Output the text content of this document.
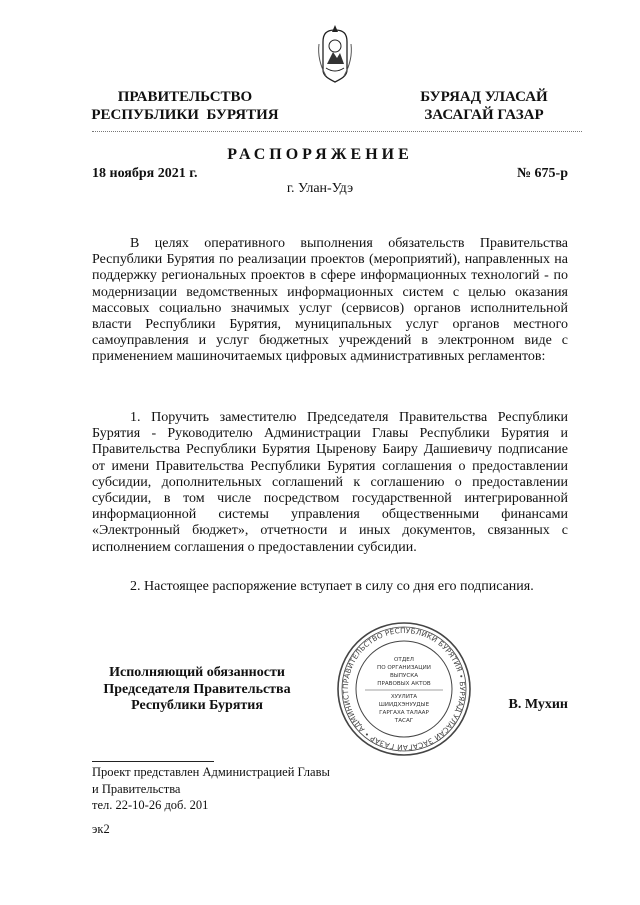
ПРАВИТЕЛЬСТВО
РЕСПУБЛИКИ  БУРЯТИЯ
БУРЯАД УЛАСАЙ
ЗАСАГАЙ ГАЗАР
РАСПОРЯЖЕНИЕ
18 ноября 2021 г.	№ 675-р
г. Улан-Удэ

В целях оперативного выполнения обязательств Правительства Республики Бурятия по реализации проектов (мероприятий), направленных на поддержку региональных проектов в сфере информационных технологий - по модернизации ведомственных информационных систем с целью оказания массовых социально значимых услуг (сервисов) органов исполнительной власти Республики Бурятия, муниципальных услуг органов местного самоуправления и услуг бюджетных учреждений в электронном виде с применением машиночитаемых цифровых административных регламентов:

1. Поручить заместителю Председателя Правительства Республики Бурятия - Руководителю Администрации Главы Республики Бурятия и Правительства Республики Бурятия Цыренову Баиру Дашиевичу подписание от имени Правительства Республики Бурятия соглашения о предоставлении субсидии, дополнительных соглашений к соглашению о предоставлении субсидии, в том числе посредством государственной интегрированной информационной системы управления общественными финансами «Электронный бюджет», отчетности и иных документов, связанных с исполнением соглашения о предоставлении субсидии.

2. Настоящее распоряжение вступает в силу со дня его подписания.

ПРАВИТЕЛЬСТВО РЕСПУБЛИКИ БУРЯТИЯ • БУРЯАД УЛАСАЙ ЗАСАГАЙ ГАЗАР • АДМИНИСТ
ОТДЕЛ
ПО ОРГАНИЗАЦИИ
ВЫПУСКА
ПРАВОВЫХ АКТОВ
ХУУЛИТА
ШИИДХЭНУУДЫЕ
ГАРГАХА ТАЛААР
ТАСАГ
Исполняющий обязанности
Председателя Правительства
Республики Бурятия	В. Мухин
Проект представлен Администрацией Главы
и Правительства
тел. 22-10-26 доб. 201
эк2
